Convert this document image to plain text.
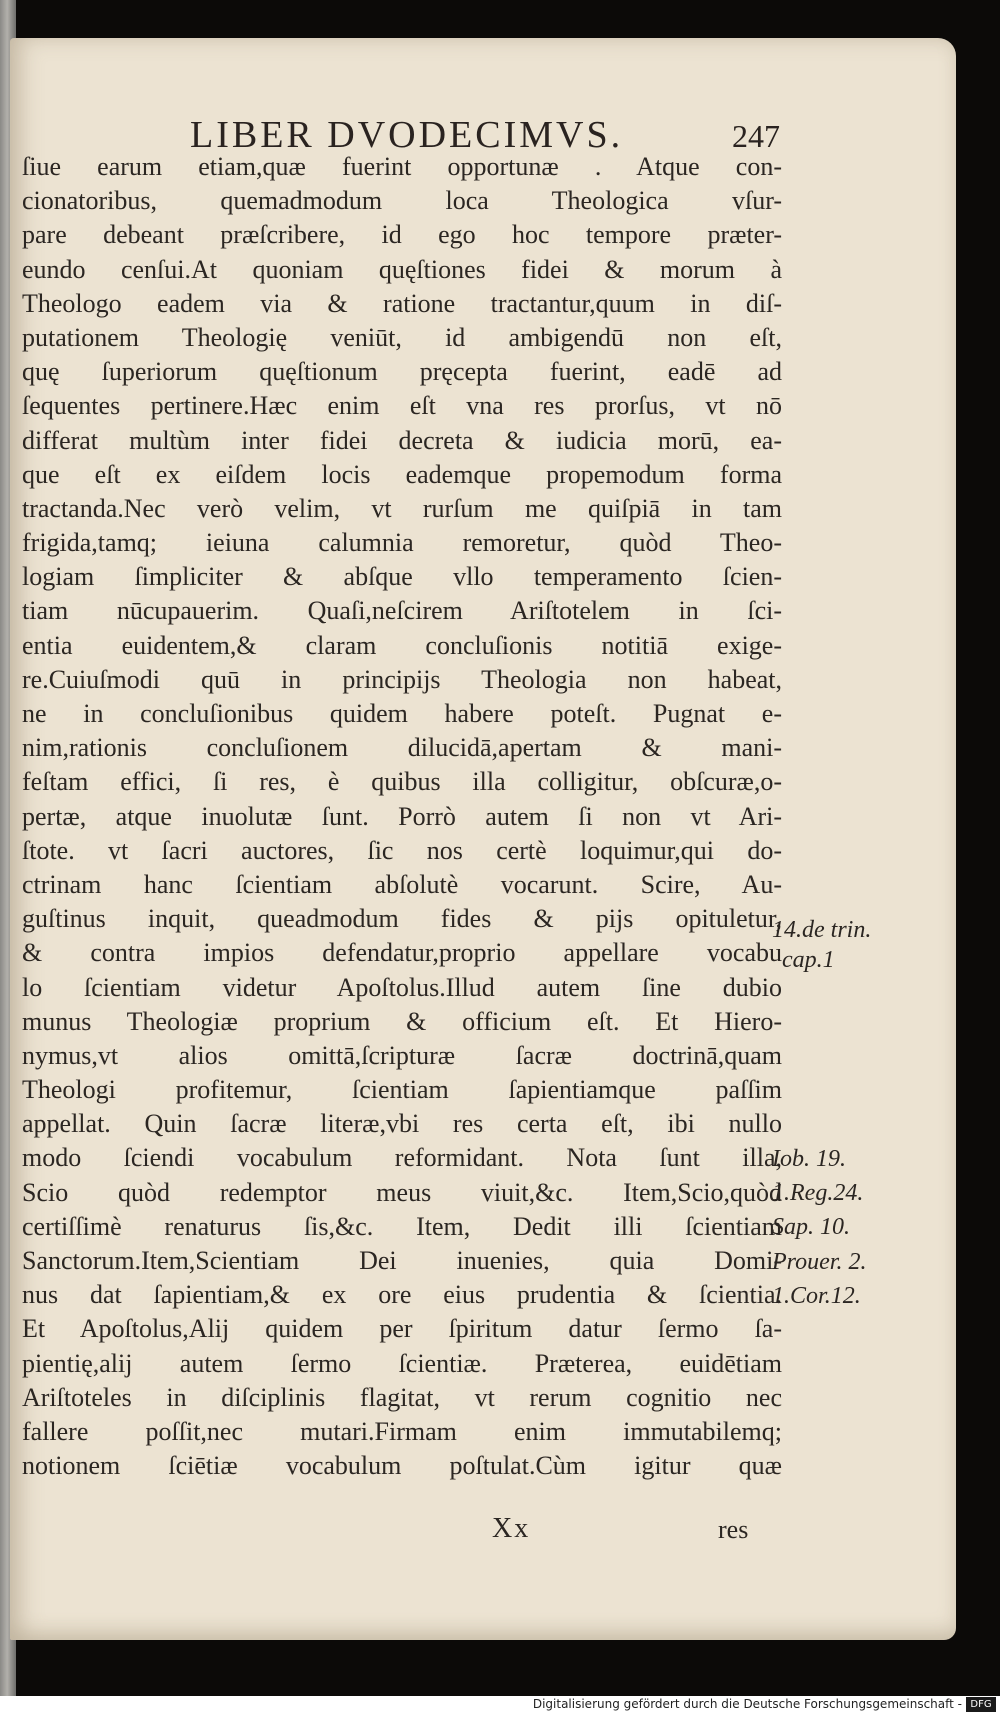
LIBER DVODECIMVS.	247
ſiue earum etiam,quæ fuerint opportunæ . Atque con-
cionatoribus, quemadmodum loca Theologica vſur-
pare debeant præſcribere, id ego hoc tempore præter-
eundo cenſui.At quoniam quęſtiones fidei & morum à
Theologo eadem via & ratione tractantur,quum in diſ-
putationem Theologię veniūt, id ambigendū non eſt,
quę ſuperiorum quęſtionum pręcepta fuerint, eadē ad
ſequentes pertinere.Hæc enim eſt vna res prorſus, vt nō
differat multùm inter fidei decreta & iudicia morū, ea-
que eſt ex eiſdem locis eademque propemodum forma
tractanda.Nec verò velim, vt rurſum me quiſpiā in tam
frigida,tamq; ieiuna calumnia remoretur, quòd Theo-
logiam ſimpliciter & abſque vllo temperamento ſcien-
tiam nūcupauerim. Quaſi,neſcirem Ariſtotelem in ſci-
entia euidentem,& claram concluſionis notitiā exige-
re.Cuiuſmodi quū in principijs Theologia non habeat,
ne in concluſionibus quidem habere poteſt. Pugnat e-
nim,rationis concluſionem dilucidā,apertam & mani-
feſtam effici, ſi res, è quibus illa colligitur, obſcuræ,o-
pertæ, atque inuolutæ ſunt. Porrò autem ſi non vt Ari-
ſtote. vt ſacri auctores, ſic nos certè loquimur,qui do-
ctrinam hanc ſcientiam abſolutè vocarunt. Scire, Au-
guſtinus inquit, queadmodum fides & pijs opituletur,
& contra impios defendatur,proprio appellare vocabu
lo ſcientiam videtur Apoſtolus.Illud autem ſine dubio
munus Theologiæ proprium & officium eſt. Et Hiero-
nymus,vt alios omittā,ſcripturæ ſacræ doctrinā,quam
Theologi profitemur, ſcientiam ſapientiamque paſſim
appellat. Quin ſacræ literæ,vbi res certa eſt, ibi nullo
modo ſciendi vocabulum reformidant. Nota ſunt illa,
Scio quòd redemptor meus viuit,&c. Item,Scio,quòd
certiſſimè renaturus ſis,&c. Item, Dedit illi ſcientiam
Sanctorum.Item,Scientiam Dei inuenies, quia Domi-
nus dat ſapientiam,& ex ore eius prudentia & ſcientia.
Et Apoſtolus,Alij quidem per ſpiritum datur ſermo ſa-
pientię,alij autem ſermo ſcientiæ. Præterea, euidētiam
Ariſtoteles in diſciplinis flagitat, vt rerum cognitio nec
fallere poſſit,nec mutari.Firmam enim immutabilemq;
notionem ſciētiæ vocabulum poſtulat.Cùm igitur quæ
14.de trin.
cap.1
Iob. 19.
1.Reg.24.
Sap. 10.
Prouer. 2.
1.Cor.12.
Xx	res
Digitalisierung gefördert durch die Deutsche Forschungsgemeinschaft - DFG
